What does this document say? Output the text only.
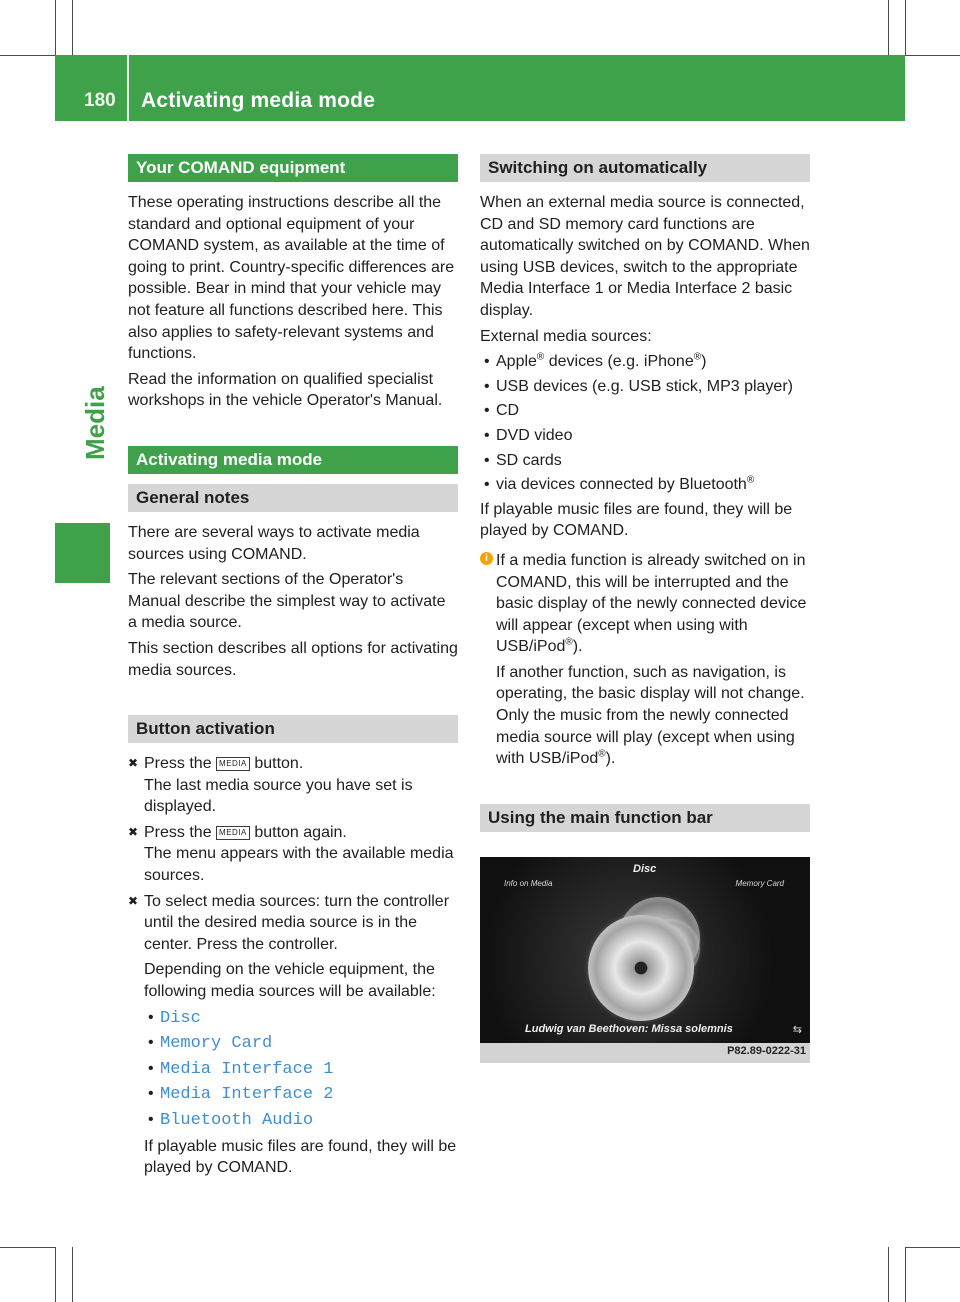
180 Activating media mode
Media
Your COMAND equipment

These operating instructions describe all the standard and optional equipment of your COMAND system, as available at the time of going to print. Country-specific differences are possible. Bear in mind that your vehicle may not feature all functions described here. This also applies to safety-relevant systems and functions.

Read the information on qualified specialist workshops in the vehicle Operator's Manual.

Activating media mode
General notes

There are several ways to activate media sources using COMAND.

The relevant sections of the Operator's Manual describe the simplest way to activate a media source.

This section describes all options for activating media sources.

Button activation
✖ Press the MEDIA button.
The last media source you have set is displayed.
✖ Press the MEDIA button again.
The menu appears with the available media sources.
✖ To select media sources: turn the controller until the desired media source is in the center. Press the controller.

Depending on the vehicle equipment, the following media sources will be available:

• Disc
• Memory Card
• Media Interface 1
• Media Interface 2
• Bluetooth Audio

If playable music files are found, they will be played by COMAND.

Switching on automatically

When an external media source is connected, CD and SD memory card functions are automatically switched on by COMAND. When using USB devices, switch to the appropriate Media Interface 1 or Media Interface 2 basic display.

External media sources:

• Apple® devices (e.g. iPhone®)
• USB devices (e.g. USB stick, MP3 player)
• CD
• DVD video
• SD cards
• via devices connected by Bluetooth®

If playable music files are found, they will be played by COMAND.

i If a media function is already switched on in COMAND, this will be interrupted and the basic display of the newly connected device will appear (except when using with USB/iPod®).

If another function, such as navigation, is operating, the basic display will not change. Only the music from the newly connected media source will play (except when using with USB/iPod®).

Using the main function bar
Disc
Info on Media	Memory Card
Ludwig van Beethoven: Missa solemnis	⇆
P82.89-0222-31
